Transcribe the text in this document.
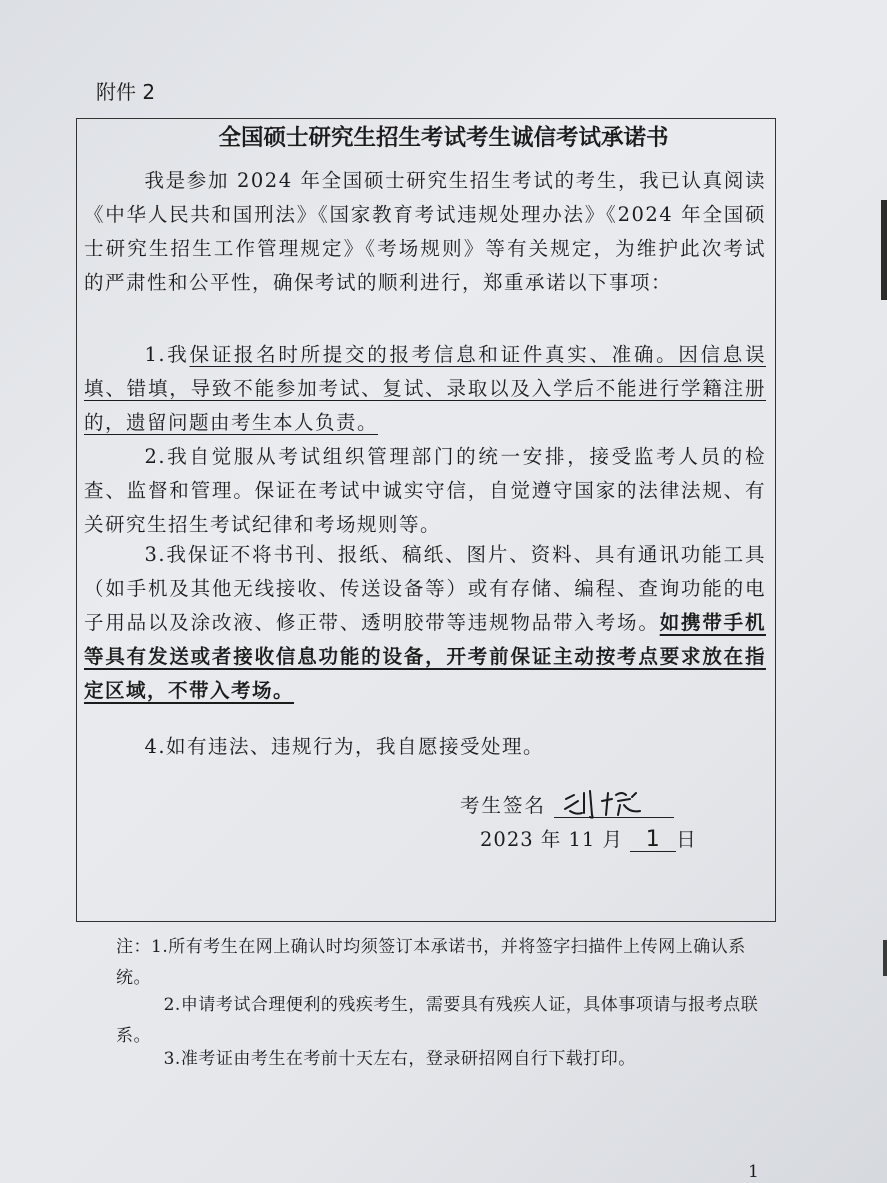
附件 2
全国硕士研究生招生考试考生诚信考试承诺书
我是参加 2024 年全国硕士研究生招生考试的考生，我已认真阅读《中华人民共和国刑法》《国家教育考试违规处理办法》《2024 年全国硕士研究生招生工作管理规定》《考场规则》等有关规定，为维护此次考试的严肃性和公平性，确保考试的顺利进行，郑重承诺以下事项：
1.我保证报名时所提交的报考信息和证件真实、准确。因信息误填、错填，导致不能参加考试、复试、录取以及入学后不能进行学籍注册的，遗留问题由考生本人负责。
2.我自觉服从考试组织管理部门的统一安排，接受监考人员的检查、监督和管理。保证在考试中诚实守信，自觉遵守国家的法律法规、有关研究生招生考试纪律和考场规则等。
3.我保证不将书刊、报纸、稿纸、图片、资料、具有通讯功能工具（如手机及其他无线接收、传送设备等）或有存储、编程、查询功能的电子用品以及涂改液、修正带、透明胶带等违规物品带入考场。如携带手机等具有发送或者接收信息功能的设备，开考前保证主动按考点要求放在指定区域，不带入考场。
4.如有违法、违规行为，我自愿接受处理。
考生签名
2023 年 11 月 1 日
注：1.所有考生在网上确认时均须签订本承诺书，并将签字扫描件上传网上确认系统。
2.申请考试合理便利的残疾考生，需要具有残疾人证，具体事项请与报考点联系。
3.准考证由考生在考前十天左右，登录研招网自行下载打印。
1
